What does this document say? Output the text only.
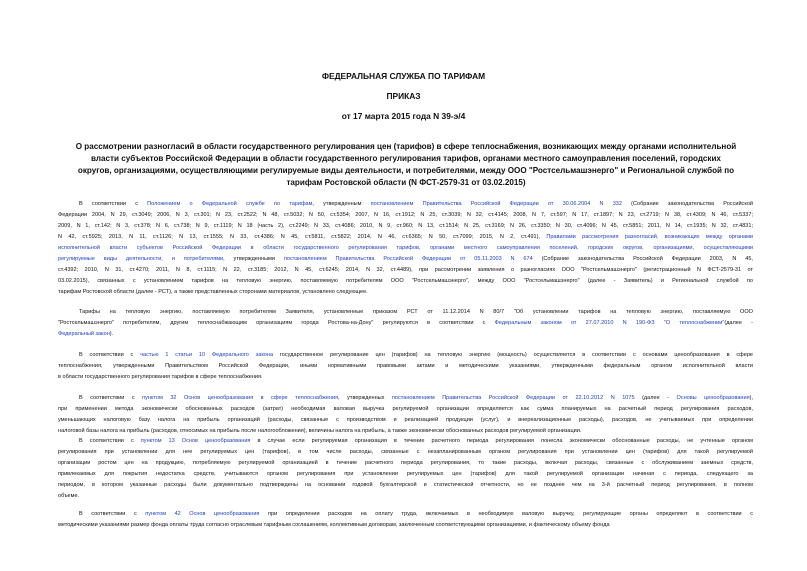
ФЕДЕРАЛЬНАЯ СЛУЖБА ПО ТАРИФАМ
ПРИКАЗ
от 17 марта 2015 года N 39-э/4
О рассмотрении разногласий в области государственного регулирования цен (тарифов) в сфере теплоснабжения, возникающих между органами исполнительной
власти субъектов Российской Федерации в области государственного регулирования тарифов, органами местного самоуправления поселений, городских
округов, организациями, осуществляющими регулируемые виды деятельности, и потребителями, между ООО "Ростсельмашэнерго" и Региональной службой по
тарифам Ростовской области (N ФСТ-2579-31 от 03.02.2015)
В соответствии с Положением о Федеральной службе по тарифам, утвержденным постановлением Правительства Российской Федерации от 30.06.2004 N 332 (Собрание законодательства Российской
Федерации 2004, N 29, ст.3049; 2006, N 3, ст.301; N 23, ст.2522; N 48, ст.5032; N 50, ст.5354; 2007, N 16, ст.1912; N 25, ст.3039; N 32, ст.4145; 2008, N 7, ст.597; N 17, ст.1897; N 23, ст.2719; N 38, ст.4309; N 46, ст.5337;
2009, N 1, ст.142; N 3, ст.378; N 6, ст.738; N 9, ст.1119; N 18 (часть 2), ст.2249; N 33, ст.4086; 2010, N 9, ст.960; N 13, ст.1514; N 25, ст.3169; N 26, ст.3350; N 30, ст.4096; N 45, ст.5851; 2011, N 14, ст.1935; N 32, ст.4831;
N 42, ст.5925; 2013, N 11, ст.1126; N 13, ст.1555; N 33, ст.4386; N 45, ст.5811, ст.5822; 2014, N 46, ст.6365; N 50, ст.7099; 2015, N 2, ст.491), Правилами рассмотрения разногласий, возникающих между органами
исполнительной власти субъектов Российской Федерации в области государственного регулирования тарифов, органами местного самоуправления поселений, городских округов, организациями, осуществляющими
регулируемые виды деятельности, и потребителями, утвержденными постановлением Правительства Российской Федерации от 05.11.2003 N 674 (Собрание законодательства Российской Федерации 2003, N 45,
ст.4392; 2010, N 31, ст.4270; 2011, N 8, ст.1115; N 22, ст.3185; 2012, N 45, ст.6245; 2014, N 32, ст.4489), при рассмотрении заявления о разногласиях ООО "Ростсельмашэнерго" (регистрационный N ФСТ-2579-31 от
03.02.2015), связанных с установлением тарифов на тепловую энергию, поставляемую потребителям ООО "Ростсельмашэнерго", между ООО "Ростсельмашэнерго" (далее - Заявитель) и Региональной службой по
тарифам Ростовской области (далее - РСТ), а также представленных сторонами материалов, установлено следующее.
Тарифы на тепловую энергию, поставляемую потребителям Заявителя, установленные приказом РСТ от 11.12.2014 N 80/7 "Об установлении тарифов на тепловую энергию, поставляемую ООО
"Ростсельмашэнерго" потребителям, другим теплоснабжающим организациям города Ростова-на-Дону" регулируются в соответствии с Федеральным законом от 27.07.2010 N 190-ФЗ "О теплоснабжении"(далее -
Федеральный закон).
В соответствии с частью 1 статьи 10 Федерального закона государственное регулирование цен (тарифов) на тепловую энергию (мощность) осуществляется в соответствии с основами ценообразования в сфере
теплоснабжения, утвержденными Правительством Российской Федерации, иными нормативными правовыми актами и методическими указаниями, утвержденными федеральным органом исполнительной власти
в области государственного регулирования тарифов в сфере теплоснабжения.
В соответствии с пунктом 32 Основ ценообразования в сфере теплоснабжения, утвержденных постановлением Правительства Российской Федерации от 22.10.2012 N 1075 (далее - Основы ценообразования),
при применении метода экономически обоснованных расходов (затрат) необходимая валовая выручка регулируемой организации определяется как сумма планируемых на расчетный период регулирования расходов,
уменьшающих налоговую базу налога на прибыль организаций (расходы, связанные с производством и реализацией продукции (услуг), и внереализационные расходы), расходов, не учитываемых при определении
налоговой базы налога на прибыль (расходов, относимых на прибыль после налогообложения), величины налога на прибыль, а также экономически обоснованных расходов регулируемой организации.
В соответствии с пунктом 13 Основ ценообразования в случае если регулируемая организация в течение расчетного периода регулирования понесла экономически обоснованные расходы, не учтенные органом
регулирования при установлении для нее регулируемых цен (тарифов), в том числе расходы, связанные с незапланированным органом регулирования при установлении цен (тарифов) для такой регулируемой
организации ростом цен на продукцию, потребляемую регулируемой организацией в течение расчетного периода регулирования, то такие расходы, включая расходы, связанные с обслуживанием заемных средств,
привлекаемых для покрытия недостатка средств, учитываются органом регулирования при установлении регулируемых цен (тарифов) для такой регулируемой организации начиная с периода, следующего за
периодом, в котором указанные расходы были документально подтверждены на основании годовой бухгалтерской и статистической отчетности, но не позднее чем на 3-й расчетный период регулирования, в полном
объеме.
В соответствии с пунктом 42 Основ ценообразования при определении расходов на оплату труда, включаемых в необходимую валовую выручку, регулирующие органы определяют в соответствии с
методическими указаниями размер фонда оплаты труда согласно отраслевым тарифным соглашениям, коллективным договорам, заключенным соответствующими организациями, и фактическому объему фонда
